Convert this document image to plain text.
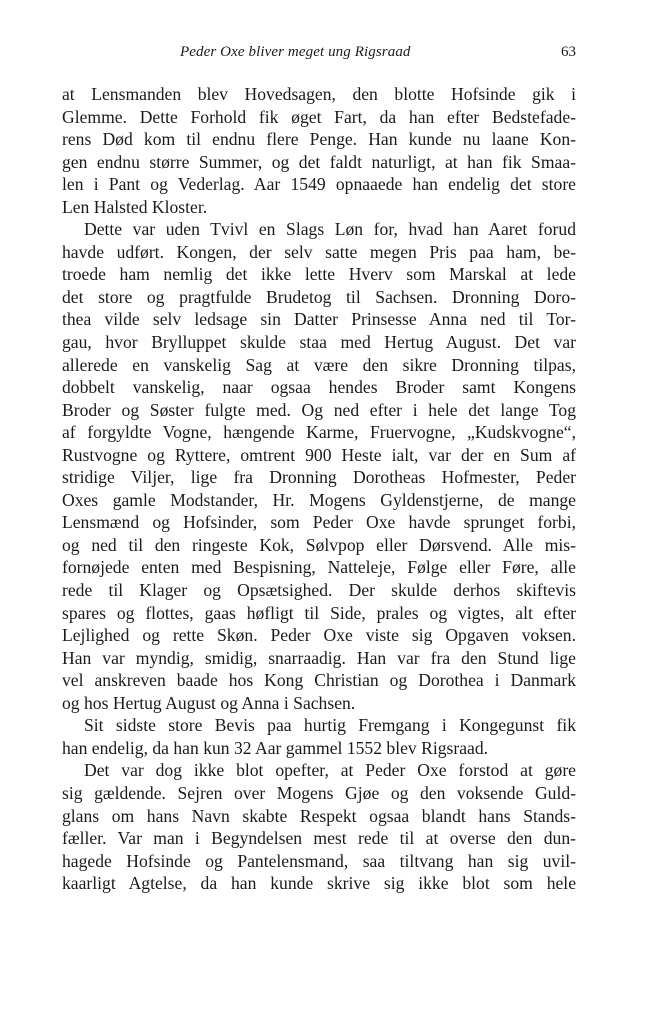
Peder Oxe bliver meget ung Rigsraad	63

at Lensmanden blev Hovedsagen, den blotte Hofsinde gik i
Glemme. Dette Forhold fik øget Fart, da han efter Bedstefade-
rens Død kom til endnu flere Penge. Han kunde nu laane Kon-
gen endnu større Summer, og det faldt naturligt, at han fik Smaa-
len i Pant og Vederlag. Aar 1549 opnaaede han endelig det store
Len Halsted Kloster.

Dette var uden Tvivl en Slags Løn for, hvad han Aaret forud
havde udført. Kongen, der selv satte megen Pris paa ham, be-
troede ham nemlig det ikke lette Hverv som Marskal at lede
det store og pragtfulde Brudetog til Sachsen. Dronning Doro-
thea vilde selv ledsage sin Datter Prinsesse Anna ned til Tor-
gau, hvor Brylluppet skulde staa med Hertug August. Det var
allerede en vanskelig Sag at være den sikre Dronning tilpas,
dobbelt vanskelig, naar ogsaa hendes Broder samt Kongens
Broder og Søster fulgte med. Og ned efter i hele det lange Tog
af forgyldte Vogne, hængende Karme, Fruervogne, „Kudskvogne“,
Rustvogne og Ryttere, omtrent 900 Heste ialt, var der en Sum af
stridige Viljer, lige fra Dronning Dorotheas Hofmester, Peder
Oxes gamle Modstander, Hr. Mogens Gyldenstjerne, de mange
Lensmænd og Hofsinder, som Peder Oxe havde sprunget forbi,
og ned til den ringeste Kok, Sølvpop eller Dørsvend. Alle mis-
fornøjede enten med Bespisning, Natteleje, Følge eller Føre, alle
rede til Klager og Opsætsighed. Der skulde derhos skiftevis
spares og flottes, gaas høfligt til Side, prales og vigtes, alt efter
Lejlighed og rette Skøn. Peder Oxe viste sig Opgaven voksen.
Han var myndig, smidig, snarraadig. Han var fra den Stund lige
vel anskreven baade hos Kong Christian og Dorothea i Danmark
og hos Hertug August og Anna i Sachsen.

Sit sidste store Bevis paa hurtig Fremgang i Kongegunst fik
han endelig, da han kun 32 Aar gammel 1552 blev Rigsraad.

Det var dog ikke blot opefter, at Peder Oxe forstod at gøre
sig gældende. Sejren over Mogens Gjøe og den voksende Guld-
glans om hans Navn skabte Respekt ogsaa blandt hans Stands-
fæller. Var man i Begyndelsen mest rede til at overse den dun-
hagede Hofsinde og Pantelensmand, saa tiltvang han sig uvil-
kaarligt Agtelse, da han kunde skrive sig ikke blot som hele
